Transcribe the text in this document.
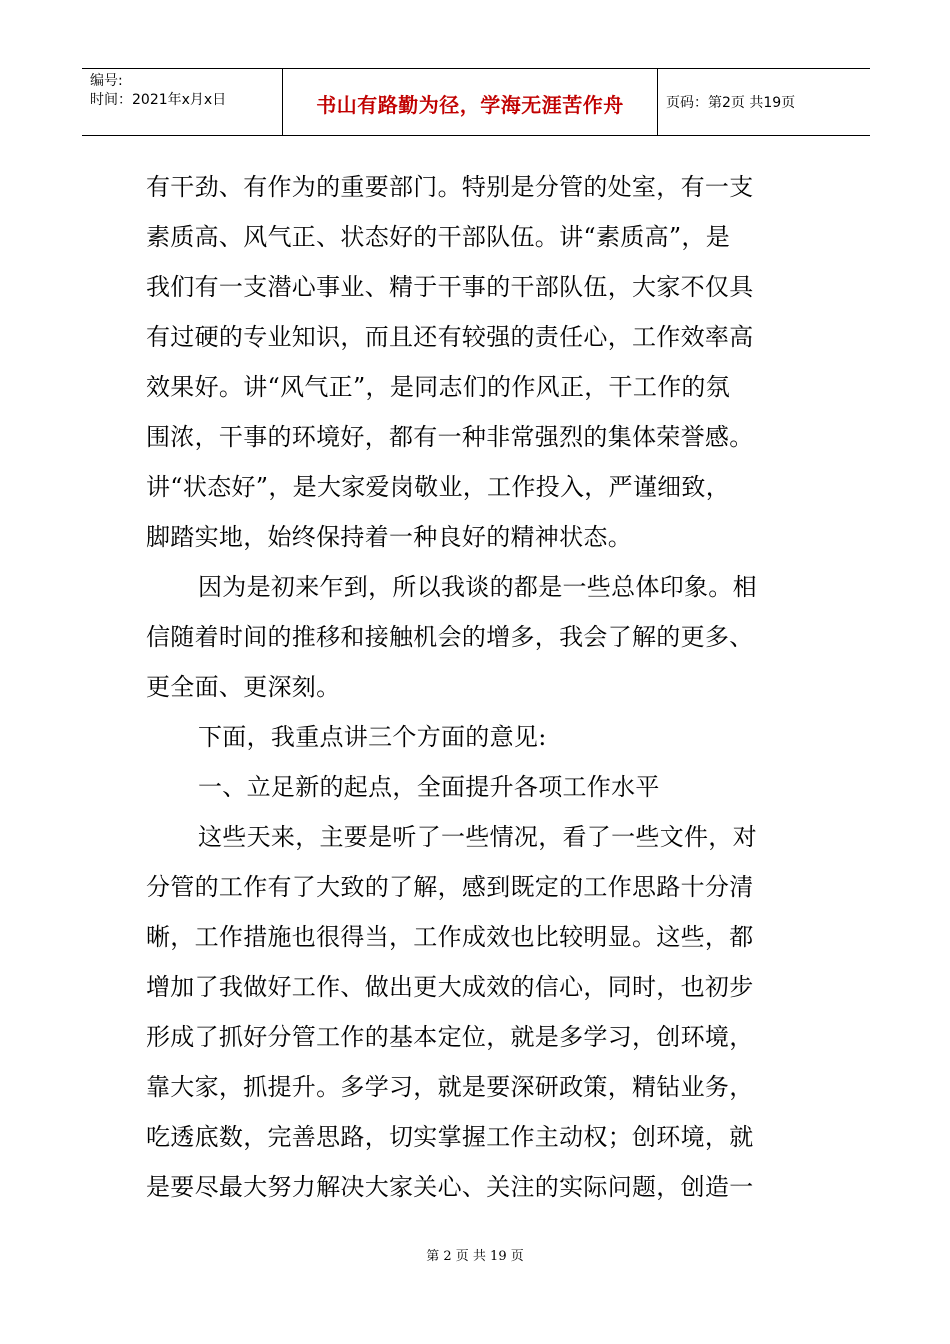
编号:
时间：2021年x月x日	书山有路勤为径，学海无涯苦作舟	页码：第2页 共19页
有干劲、有作为的重要部门。特别是分管的处室，有一支
素质高、风气正、状态好的干部队伍。讲“素质高”，是
我们有一支潜心事业、精于干事的干部队伍，大家不仅具
有过硬的专业知识，而且还有较强的责任心，工作效率高
效果好。讲“风气正”，是同志们的作风正，干工作的氛
围浓，干事的环境好，都有一种非常强烈的集体荣誉感。
讲“状态好”，是大家爱岗敬业，工作投入，严谨细致，
脚踏实地，始终保持着一种良好的精神状态。
因为是初来乍到，所以我谈的都是一些总体印象。相
信随着时间的推移和接触机会的增多，我会了解的更多、
更全面、更深刻。
下面，我重点讲三个方面的意见:
一、立足新的起点，全面提升各项工作水平
这些天来，主要是听了一些情况，看了一些文件，对
分管的工作有了大致的了解，感到既定的工作思路十分清
晰，工作措施也很得当，工作成效也比较明显。这些，都
增加了我做好工作、做出更大成效的信心，同时，也初步
形成了抓好分管工作的基本定位，就是多学习，创环境，
靠大家，抓提升。多学习，就是要深研政策，精钻业务，
吃透底数，完善思路，切实掌握工作主动权；创环境，就
是要尽最大努力解决大家关心、关注的实际问题，创造一
第 2 页 共 19 页
